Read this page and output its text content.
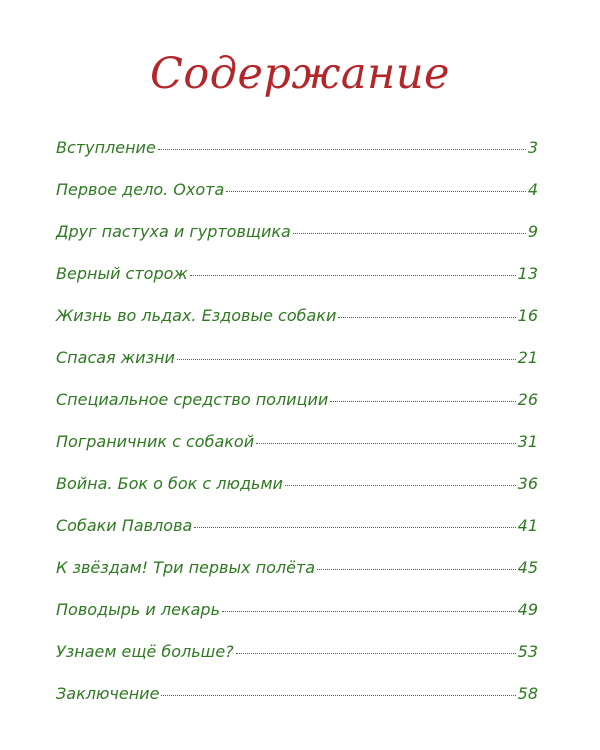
Содержание
Вступление	3
Первое дело. Охота	4
Друг пастуха и гуртовщика	9
Верный сторож	13
Жизнь во льдах. Ездовые собаки	16
Спасая жизни	21
Специальное средство полиции	26
Пограничник с собакой	31
Война. Бок о бок с людьми	36
Собаки Павлова	41
К звёздам! Три первых полёта	45
Поводырь и лекарь	49
Узнаем ещё больше?	53
Заключение	58
